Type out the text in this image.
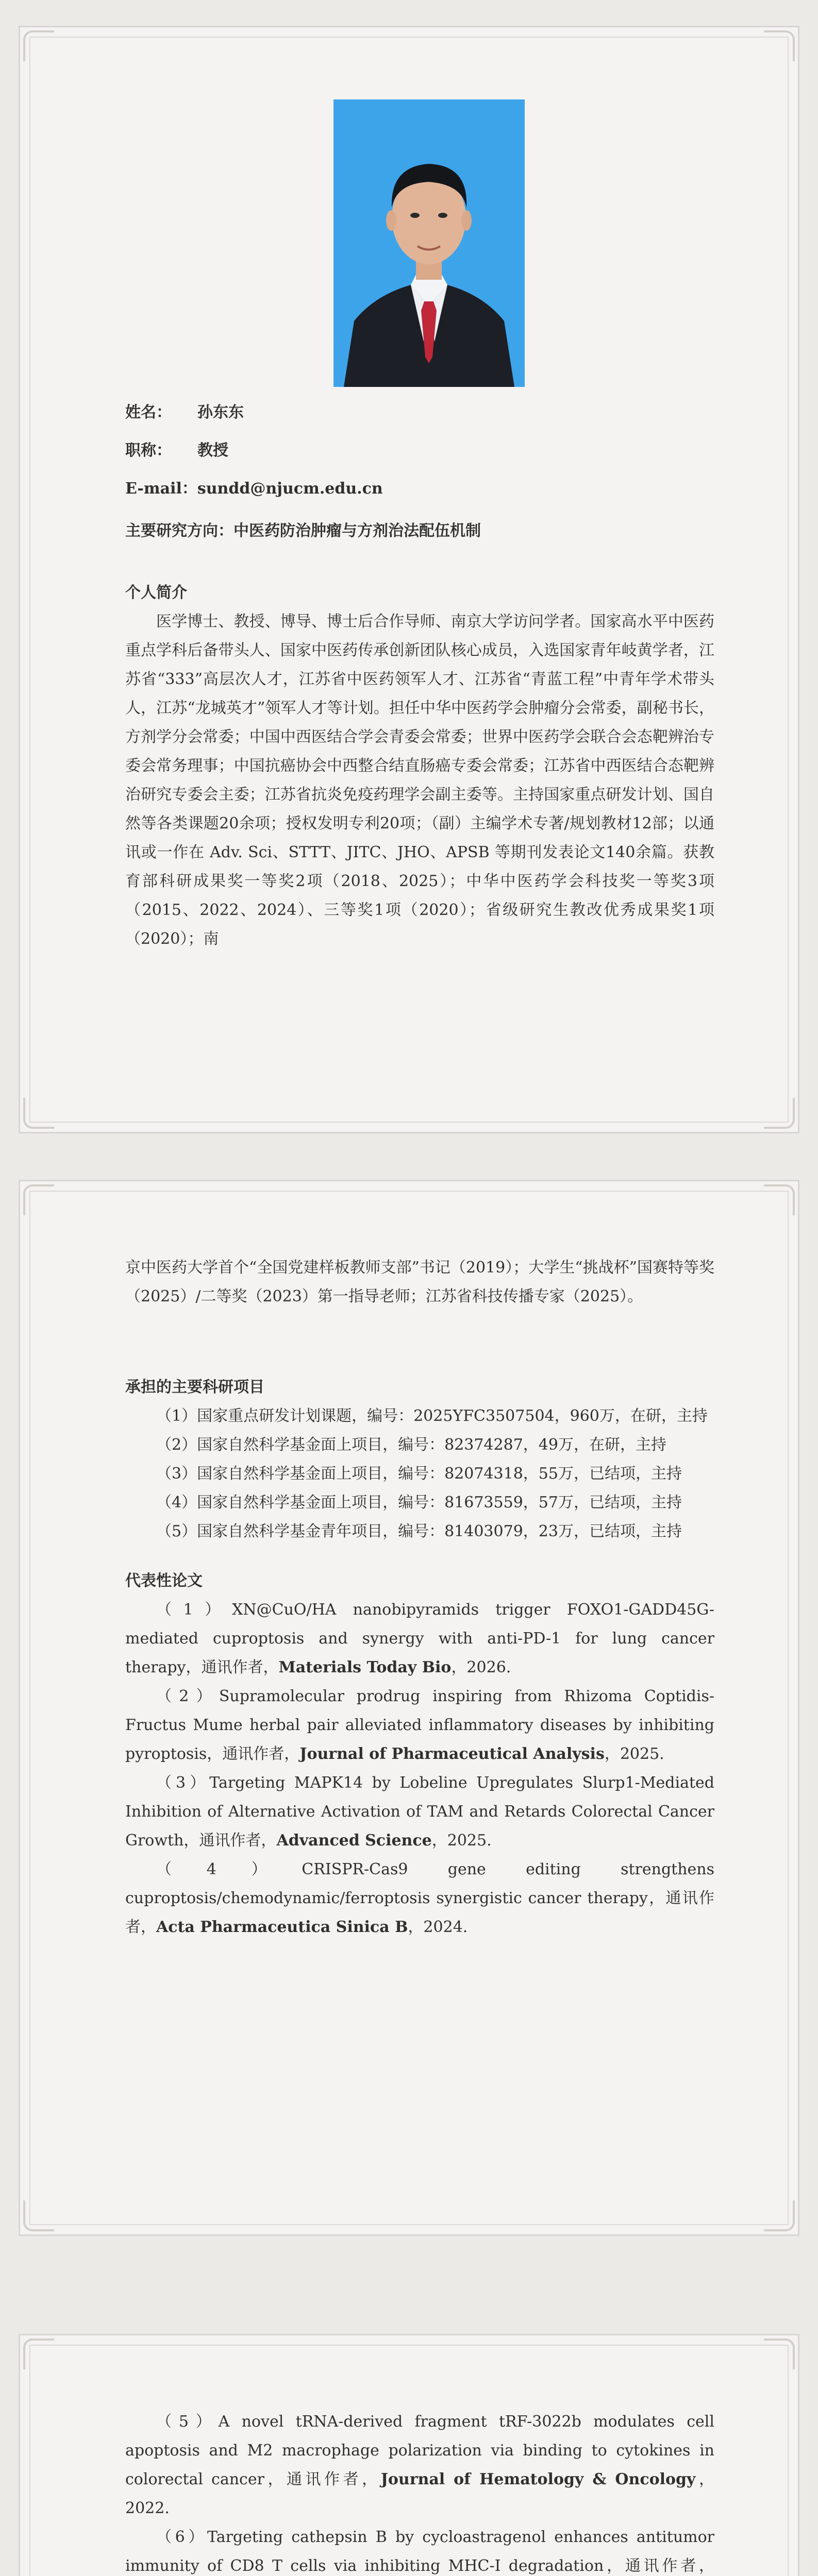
姓名： 孙东东

职称： 教授

E-mail：sundd@njucm.edu.cn

主要研究方向：中医药防治肿瘤与方剂治法配伍机制

个人简介

医学博士、教授、博导、博士后合作导师、南京大学访问学者。国家高水平中医药重点学科后备带头人、国家中医药传承创新团队核心成员，入选国家青年岐黄学者，江苏省“333”高层次人才，江苏省中医药领军人才、江苏省“青蓝工程”中青年学术带头人，江苏“龙城英才”领军人才等计划。担任中华中医药学会肿瘤分会常委，副秘书长，方剂学分会常委；中国中西医结合学会青委会常委；世界中医药学会联合会态靶辨治专委会常务理事；中国抗癌协会中西整合结直肠癌专委会常委；江苏省中西医结合态靶辨治研究专委会主委；江苏省抗炎免疫药理学会副主委等。主持国家重点研发计划、国自然等各类课题20余项；授权发明专利20项；（副）主编学术专著/规划教材12部；以通讯或一作在 Adv. Sci、STTT、JITC、JHO、APSB 等期刊发表论文140余篇。获教育部科研成果奖一等奖2项（2018、2025）；中华中医药学会科技奖一等奖3项（2015、2022、2024）、三等奖1项（2020）；省级研究生教改优秀成果奖1项（2020）；南

京中医药大学首个“全国党建样板教师支部”书记（2019）；大学生“挑战杯”国赛特等奖（2025）/二等奖（2023）第一指导老师；江苏省科技传播专家（2025）。

承担的主要科研项目

（1）国家重点研发计划课题，编号：2025YFC3507504，960万，在研，主持

（2）国家自然科学基金面上项目，编号：82374287，49万，在研，主持

（3）国家自然科学基金面上项目，编号：82074318，55万，已结项，主持

（4）国家自然科学基金面上项目，编号：81673559，57万，已结项，主持

（5）国家自然科学基金青年项目，编号：81403079，23万，已结项，主持

代表性论文

（1）XN@CuO/HA nanobipyramids trigger FOXO1-GADD45G-mediated cuproptosis and synergy with anti-PD-1 for lung cancer therapy，通讯作者，Materials Today Bio，2026.

（2）Supramolecular prodrug inspiring from Rhizoma Coptidis-Fructus Mume herbal pair alleviated inflammatory diseases by inhibiting pyroptosis，通讯作者，Journal of Pharmaceutical Analysis，2025.

（3）Targeting MAPK14 by Lobeline Upregulates Slurp1-Mediated Inhibition of Alternative Activation of TAM and Retards Colorectal Cancer Growth，通讯作者，Advanced Science，2025.

（4）CRISPR-Cas9 gene editing strengthens cuproptosis/chemodynamic/ferroptosis synergistic cancer therapy，通讯作者，Acta Pharmaceutica Sinica B，2024.

（5）A novel tRNA-derived fragment tRF-3022b modulates cell apoptosis and M2 macrophage polarization via binding to cytokines in colorectal cancer，通讯作者，Journal of Hematology & Oncology，2022.

（6）Targeting cathepsin B by cycloastragenol enhances antitumor immunity of CD8 T cells via inhibiting MHC-I degradation，通讯作者，
